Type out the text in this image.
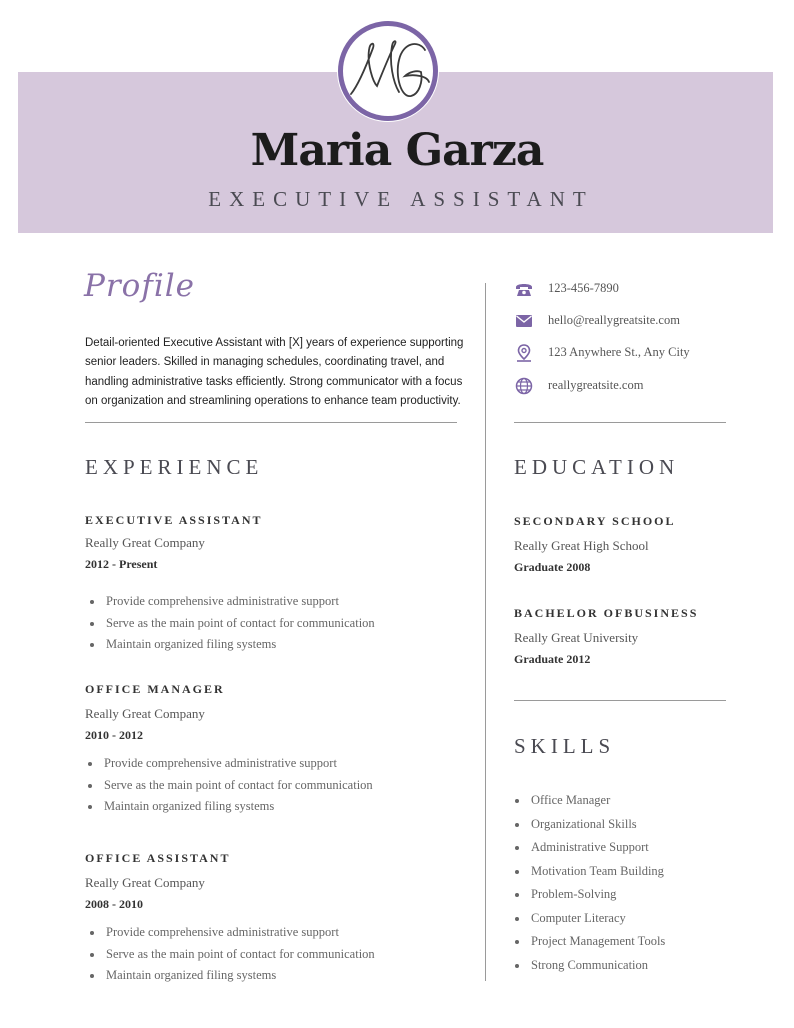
Maria Garza
EXECUTIVE ASSISTANT
Profile
Detail-oriented Executive Assistant with [X] years of experience supporting senior leaders. Skilled in managing schedules, coordinating travel, and handling administrative tasks efficiently. Strong communicator with a focus on organization and streamlining operations to enhance team productivity.
123-456-7890
hello@reallygreatsite.com
123 Anywhere St., Any City
reallygreatsite.com
EXPERIENCE
EXECUTIVE ASSISTANT
Really Great Company
2012 - Present
Provide comprehensive administrative support
Serve as the main point of contact for communication
Maintain organized filing systems
OFFICE MANAGER
Really Great Company
2010 - 2012
Provide comprehensive administrative support
Serve as the main point of contact for communication
Maintain organized filing systems
OFFICE ASSISTANT
Really Great Company
2008 - 2010
Provide comprehensive administrative support
Serve as the main point of contact for communication
Maintain organized filing systems
EDUCATION
SECONDARY SCHOOL
Really Great High School
Graduate 2008
BACHELOR OFBUSINESS
Really Great University
Graduate 2012
SKILLS
Office Manager
Organizational Skills
Administrative Support
Motivation Team Building
Problem-Solving
Computer Literacy
Project Management Tools
Strong Communication
